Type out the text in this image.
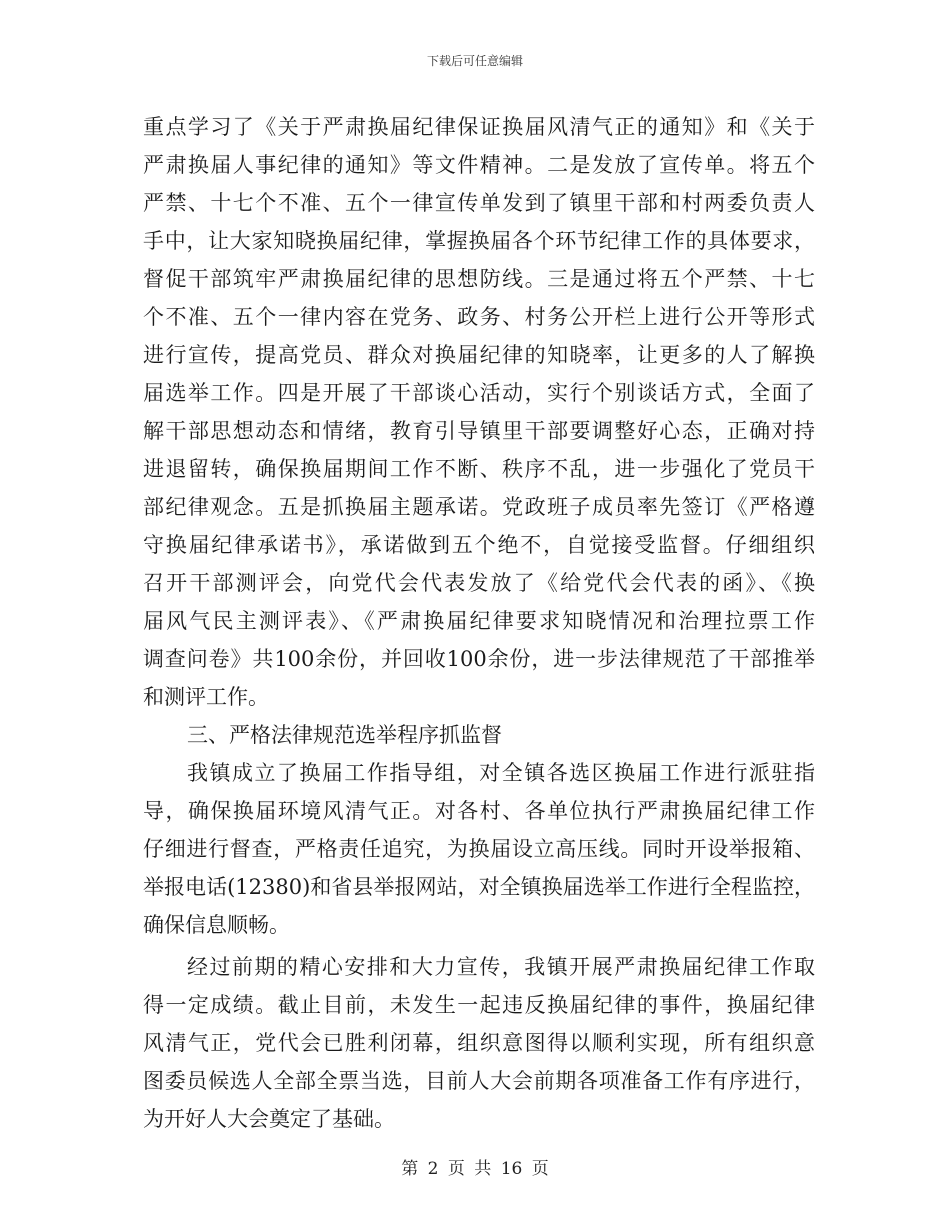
下载后可任意编辑
重点学习了《关于严肃换届纪律保证换届风清气正的通知》和《关于
严肃换届人事纪律的通知》等文件精神。二是发放了宣传单。将五个
严禁、十七个不准、五个一律宣传单发到了镇里干部和村两委负责人
手中，让大家知晓换届纪律，掌握换届各个环节纪律工作的具体要求，
督促干部筑牢严肃换届纪律的思想防线。三是通过将五个严禁、十七
个不准、五个一律内容在党务、政务、村务公开栏上进行公开等形式
进行宣传，提高党员、群众对换届纪律的知晓率，让更多的人了解换
届选举工作。四是开展了干部谈心活动，实行个别谈话方式，全面了
解干部思想动态和情绪，教育引导镇里干部要调整好心态，正确对持
进退留转，确保换届期间工作不断、秩序不乱，进一步强化了党员干
部纪律观念。五是抓换届主题承诺。党政班子成员率先签订《严格遵
守换届纪律承诺书》，承诺做到五个绝不，自觉接受监督。仔细组织
召开干部测评会，向党代会代表发放了《给党代会代表的函》、《换
届风气民主测评表》、《严肃换届纪律要求知晓情况和治理拉票工作
调查问卷》共100余份，并回收100余份，进一步法律规范了干部推举
和测评工作。
三、严格法律规范选举程序抓监督
我镇成立了换届工作指导组，对全镇各选区换届工作进行派驻指
导，确保换届环境风清气正。对各村、各单位执行严肃换届纪律工作
仔细进行督查，严格责任追究，为换届设立高压线。同时开设举报箱、
举报电话(12380)和省县举报网站，对全镇换届选举工作进行全程监控，
确保信息顺畅。
经过前期的精心安排和大力宣传，我镇开展严肃换届纪律工作取
得一定成绩。截止目前，未发生一起违反换届纪律的事件，换届纪律
风清气正，党代会已胜利闭幕，组织意图得以顺利实现，所有组织意
图委员候选人全部全票当选，目前人大会前期各项准备工作有序进行，
为开好人大会奠定了基础。
第 2 页 共 16 页
